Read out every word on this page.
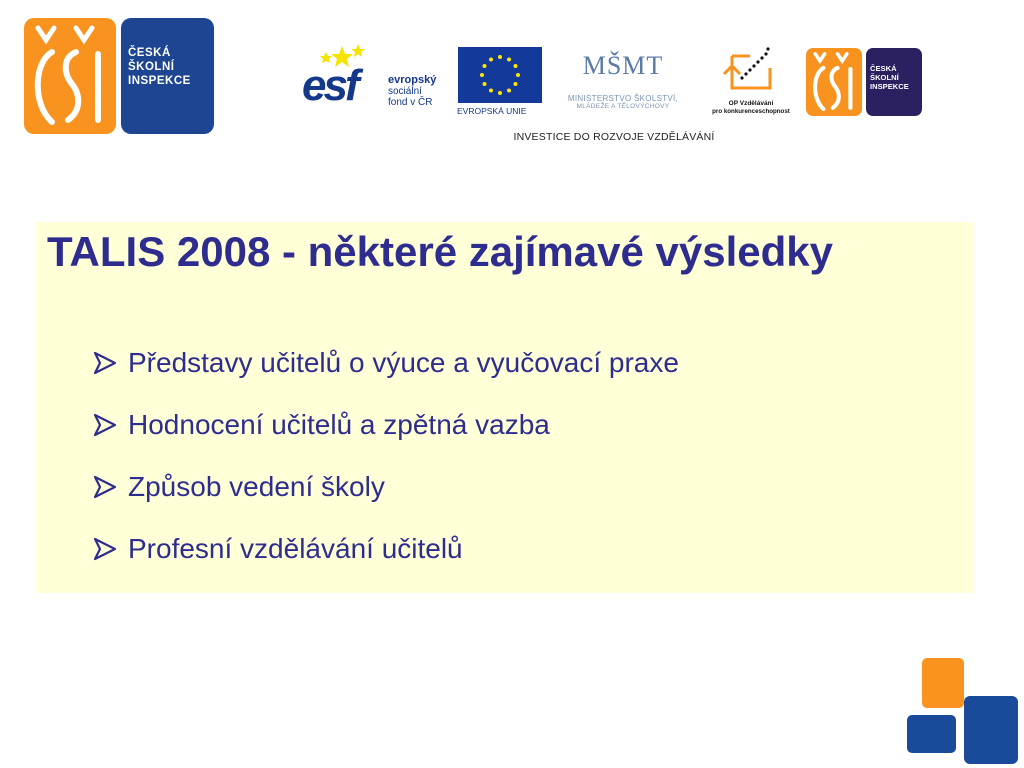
ČESKÁ
ŠKOLNÍ
INSPEKCE	esf	evropský
sociální
fond v ČR
EVROPSKÁ UNIE
MŠMT
MINISTERSTVO ŠKOLSTVÍ,
MLÁDEŽE A TĚLOVÝCHOVY	OP Vzdělávání
pro konkurenceschopnost
ČESKÁ
ŠKOLNÍ
INSPEKCE
INVESTICE DO ROZVOJE VZDĚLÁVÁNÍ
TALIS 2008 - některé zajímavé výsledky
Představy učitelů o výuce a vyučovací praxe
Hodnocení učitelů a zpětná vazba
Způsob vedení školy
Profesní vzdělávání učitelů
